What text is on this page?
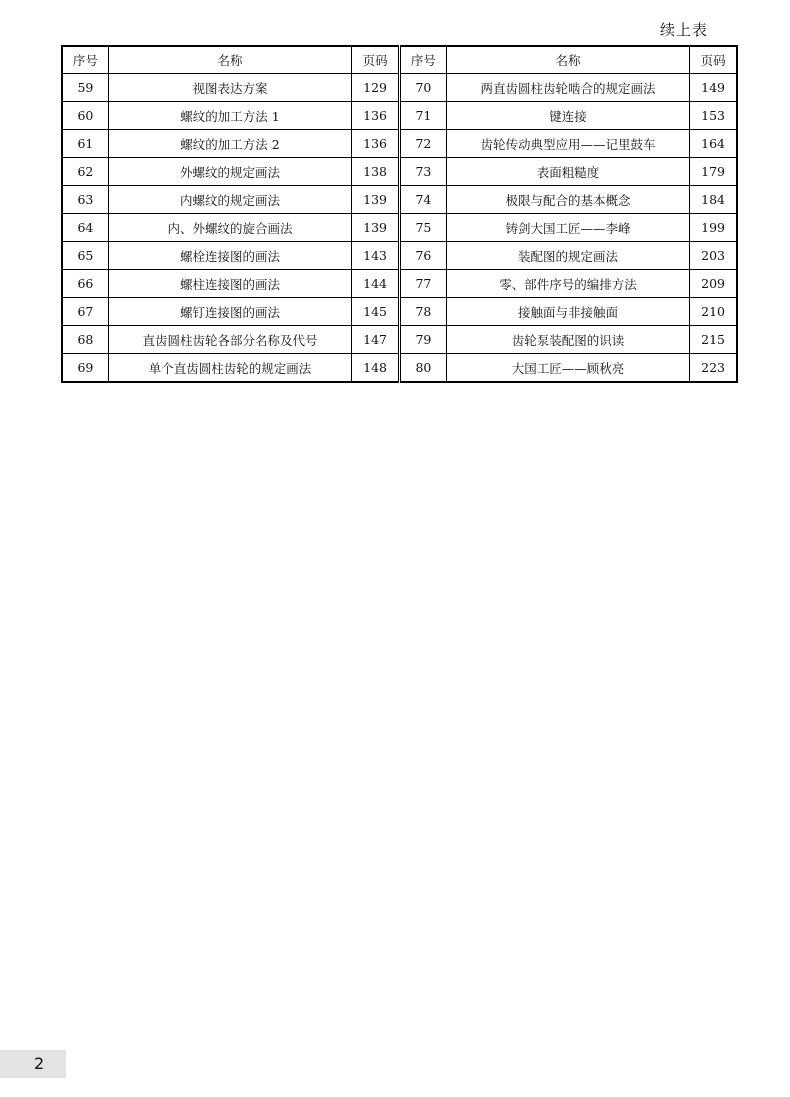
续上表
序号	名称	页码	序号	名称	页码
59	视图表达方案	129	70	两直齿圆柱齿轮啮合的规定画法	149
60	螺纹的加工方法 1	136	71	键连接	153
61	螺纹的加工方法 2	136	72	齿轮传动典型应用——记里鼓车	164
62	外螺纹的规定画法	138	73	表面粗糙度	179
63	内螺纹的规定画法	139	74	极限与配合的基本概念	184
64	内、外螺纹的旋合画法	139	75	铸剑大国工匠——李峰	199
65	螺栓连接图的画法	143	76	装配图的规定画法	203
66	螺柱连接图的画法	144	77	零、部件序号的编排方法	209
67	螺钉连接图的画法	145	78	接触面与非接触面	210
68	直齿圆柱齿轮各部分名称及代号	147	79	齿轮泵装配图的识读	215
69	单个直齿圆柱齿轮的规定画法	148	80	大国工匠——顾秋亮	223
2
